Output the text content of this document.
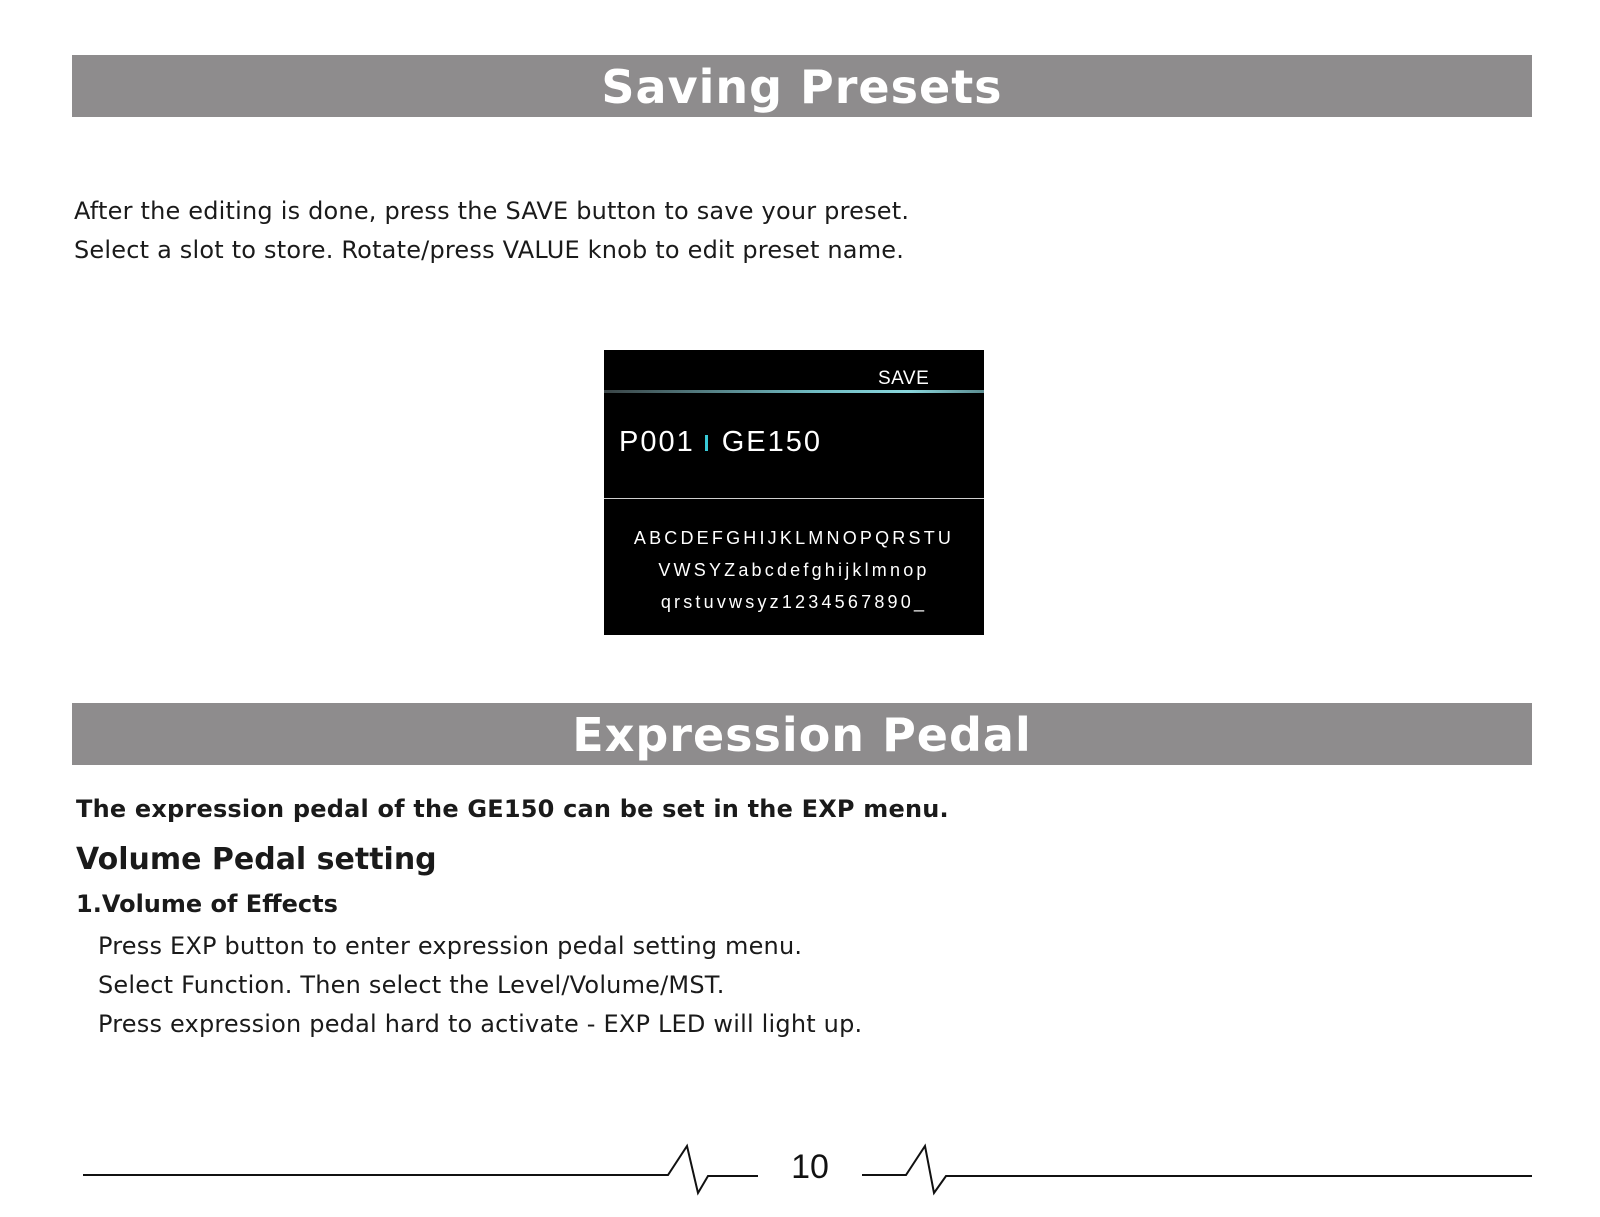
Saving Presets

After the editing is done, press the SAVE button to save your preset.

Select a slot to store. Rotate/press VALUE knob to edit preset name.

SAVE
P001 GE150
ABCDEFGHIJKLMNOPQRSTU
VWSYZabcdefghijklmnop
qrstuvwsyz1234567890_
Expression Pedal
The expression pedal of the GE150 can be set in the EXP menu.
Volume Pedal setting
1.Volume of Effects

Press EXP button to enter expression pedal setting menu.

Select Function. Then select the Level/Volume/MST.

Press expression pedal hard to activate - EXP LED will light up.

10
